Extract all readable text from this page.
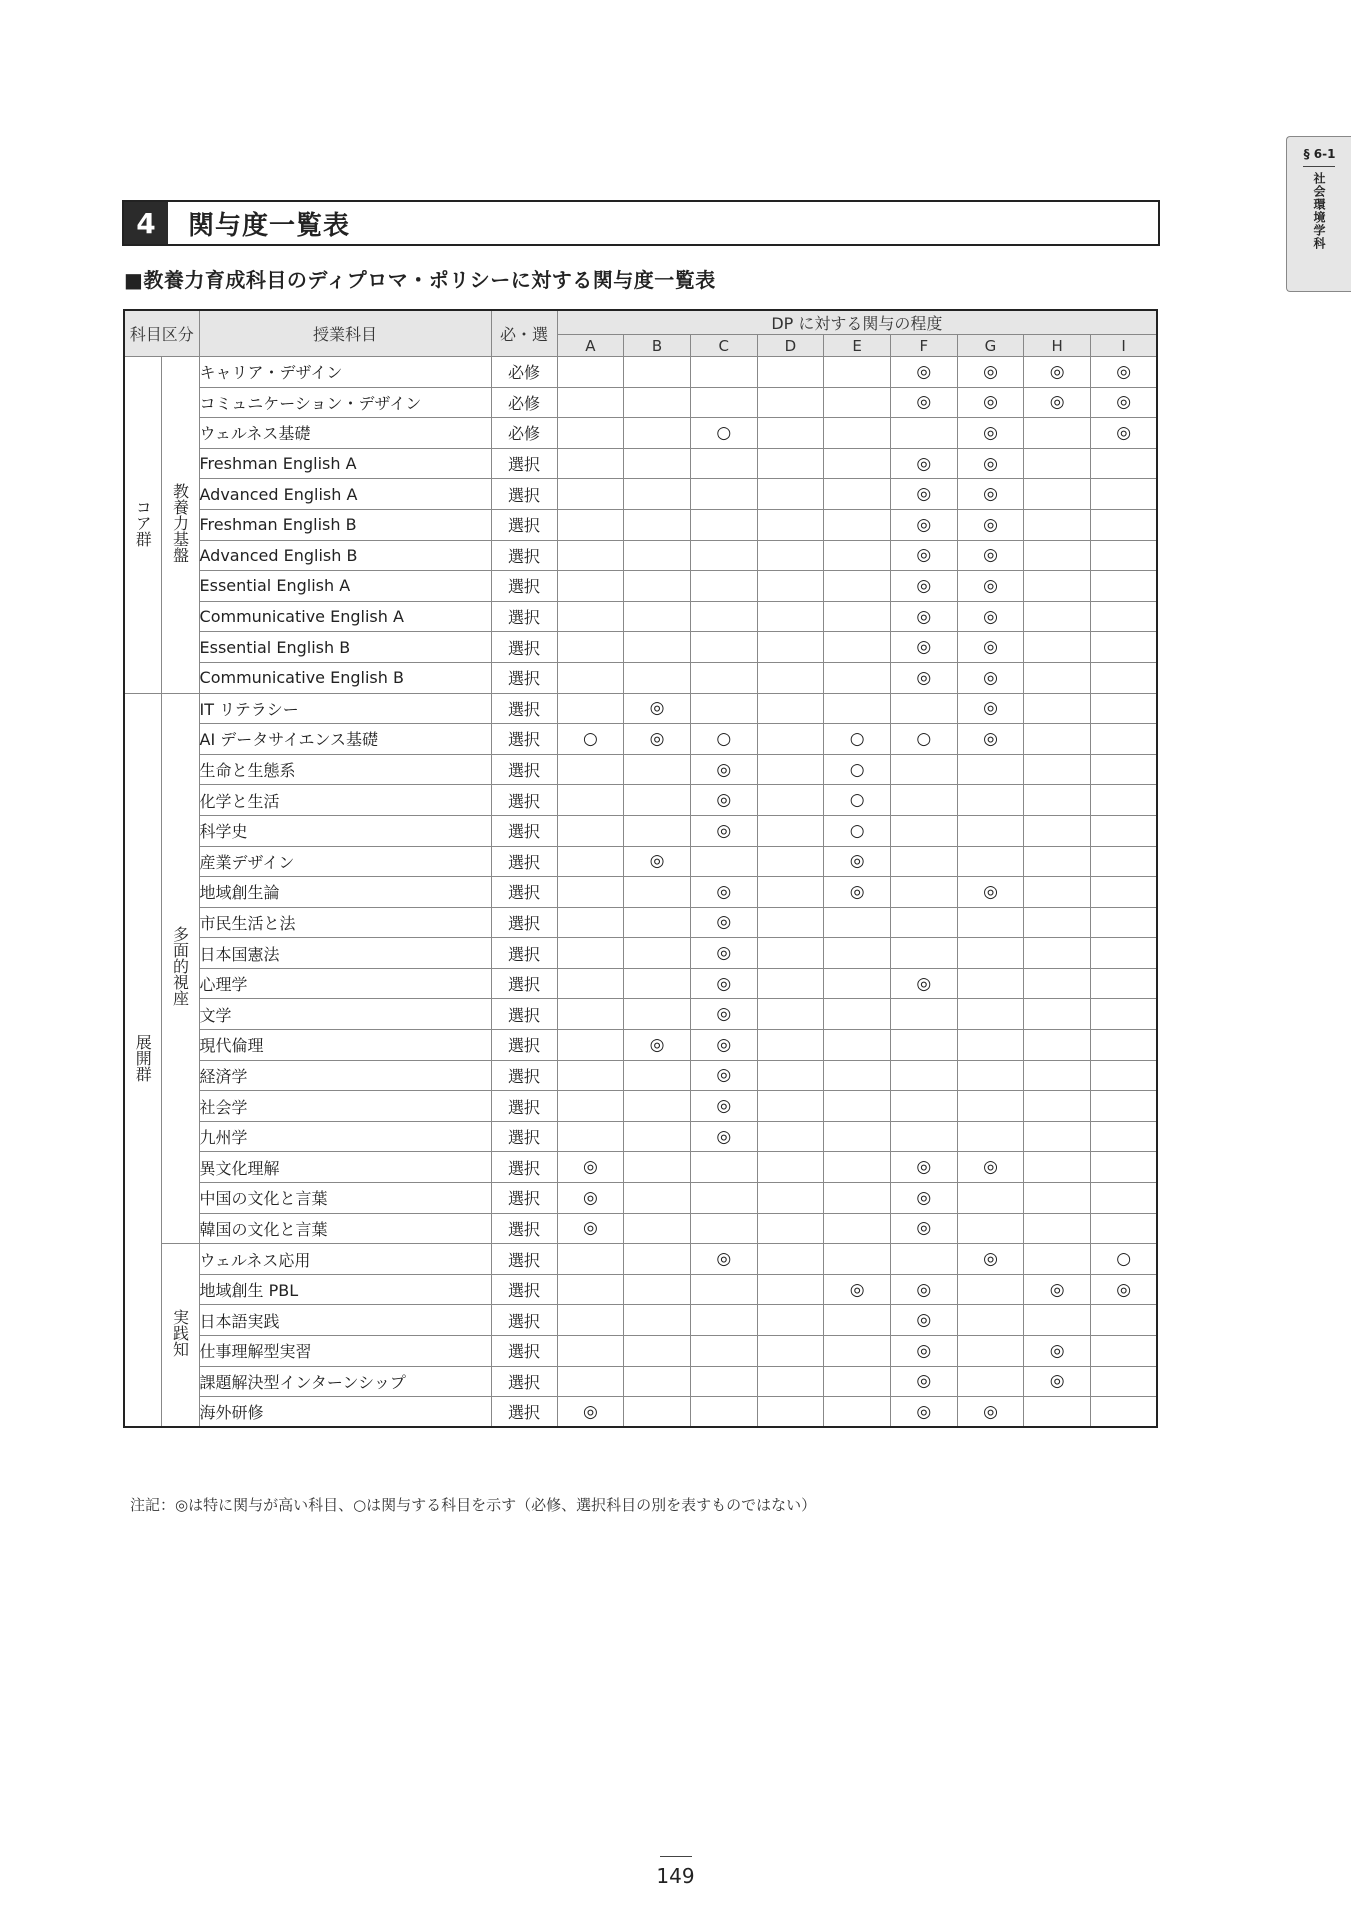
§ 6-1
社会環境学科
4	関与度一覧表
■教養力育成科目のディプロマ・ポリシーに対する関与度一覧表
科目区分		授業科目	必・選	DP に対する関与の程度								
				A	B	C	D	E	F	G	H	I
コア群	教養力基盤	キャリア・デザイン	必修						◎	◎	◎	◎
		コミュニケーション・デザイン	必修						◎	◎	◎	◎
		ウェルネス基礎	必修			○				◎		◎
		Freshman English A	選択						◎	◎		
		Advanced English A	選択						◎	◎		
		Freshman English B	選択						◎	◎		
		Advanced English B	選択						◎	◎		
		Essential English A	選択						◎	◎		
		Communicative English A	選択						◎	◎		
		Essential English B	選択						◎	◎		
		Communicative English B	選択						◎	◎		
展開群	多面的視座	IT リテラシー	選択		◎					◎		
		AI データサイエンス基礎	選択	○	◎	○		○	○	◎		
		生命と生態系	選択			◎		○				
		化学と生活	選択			◎		○				
		科学史	選択			◎		○				
		産業デザイン	選択		◎			◎				
		地域創生論	選択			◎		◎		◎		
		市民生活と法	選択			◎						
		日本国憲法	選択			◎						
		心理学	選択			◎			◎			
		文学	選択			◎						
		現代倫理	選択		◎	◎						
		経済学	選択			◎						
		社会学	選択			◎						
		九州学	選択			◎						
		異文化理解	選択	◎					◎	◎		
		中国の文化と言葉	選択	◎					◎			
		韓国の文化と言葉	選択	◎					◎			
	実践知	ウェルネス応用	選択			◎				◎		○
		地域創生 PBL	選択					◎	◎		◎	◎
		日本語実践	選択						◎			
		仕事理解型実習	選択						◎		◎	
		課題解決型インターンシップ	選択						◎		◎	
		海外研修	選択	◎					◎	◎		
注記：◎は特に関与が高い科目、○は関与する科目を示す（必修、選択科目の別を表すものではない）
149
